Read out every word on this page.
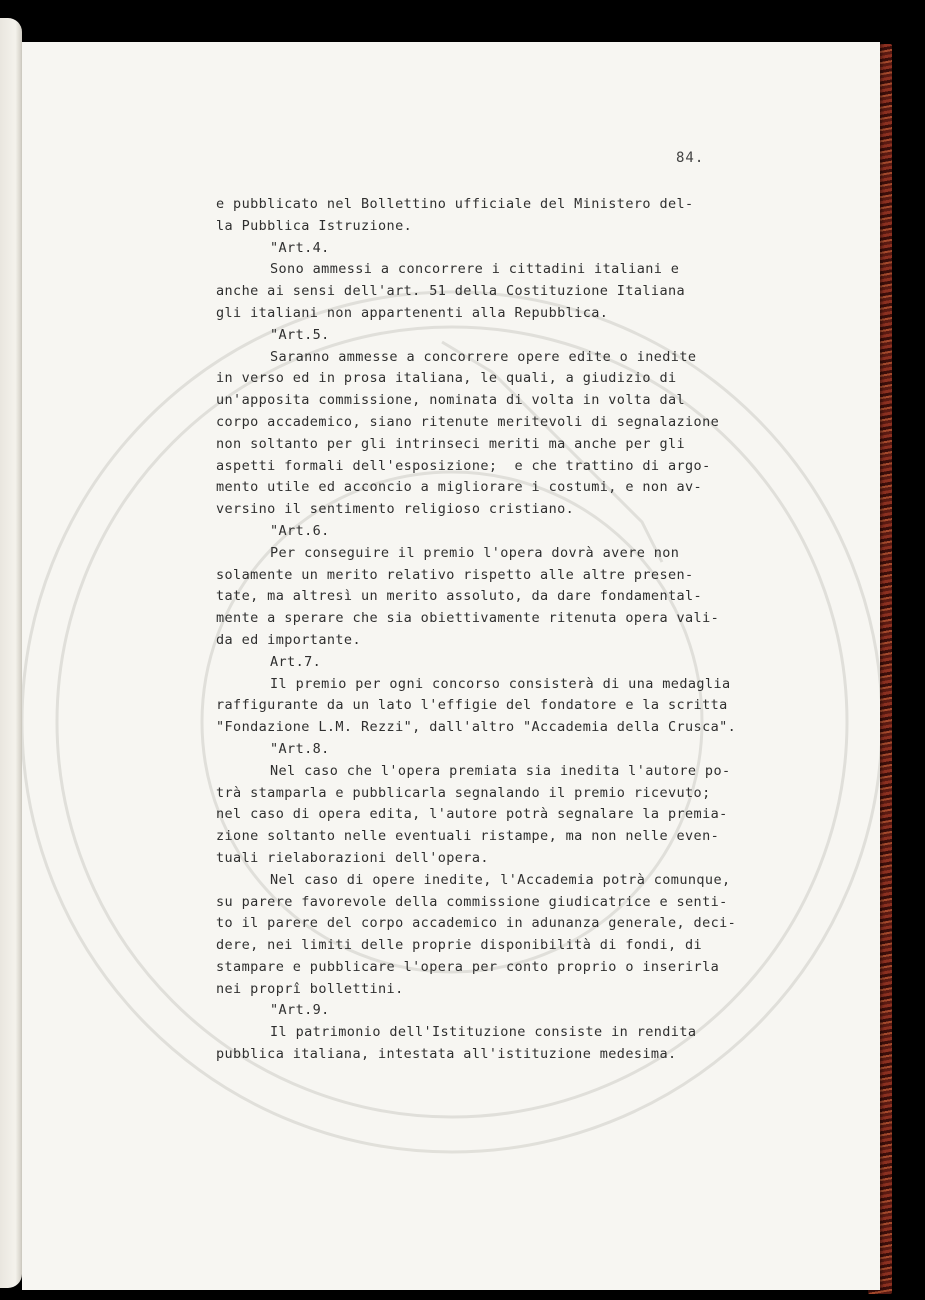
84.
e pubblicato nel Bollettino ufficiale del Ministero del-
la Pubblica Istruzione.
"Art.4.
Sono ammessi a concorrere i cittadini italiani e
anche ai sensi dell'art. 51 della Costituzione Italiana
gli italiani non appartenenti alla Repubblica.
"Art.5.
Saranno ammesse a concorrere opere edite o inedite
in verso ed in prosa italiana, le quali, a giudizio di
un'apposita commissione, nominata di volta in volta dal
corpo accademico, siano ritenute meritevoli di segnalazione
non soltanto per gli intrinseci meriti ma anche per gli
aspetti formali dell'esposizione;  e che trattino di argo-
mento utile ed acconcio a migliorare i costumi, e non av-
versino il sentimento religioso cristiano.
"Art.6.
Per conseguire il premio l'opera dovrà avere non
solamente un merito relativo rispetto alle altre presen-
tate, ma altresì un merito assoluto, da dare fondamental-
mente a sperare che sia obiettivamente ritenuta opera vali-
da ed importante.
Art.7.
Il premio per ogni concorso consisterà di una medaglia
raffigurante da un lato l'effigie del fondatore e la scritta
"Fondazione L.M. Rezzi", dall'altro "Accademia della Crusca".
"Art.8.
Nel caso che l'opera premiata sia inedita l'autore po-
trà stamparla e pubblicarla segnalando il premio ricevuto;
nel caso di opera edita, l'autore potrà segnalare la premia-
zione soltanto nelle eventuali ristampe, ma non nelle even-
tuali rielaborazioni dell'opera.
Nel caso di opere inedite, l'Accademia potrà comunque,
su parere favorevole della commissione giudicatrice e senti-
to il parere del corpo accademico in adunanza generale, deci-
dere, nei limiti delle proprie disponibilità di fondi, di
stampare e pubblicare l'opera per conto proprio o inserirla
nei proprî bollettini.
"Art.9.
Il patrimonio dell'Istituzione consiste in rendita
pubblica italiana, intestata all'istituzione medesima.
